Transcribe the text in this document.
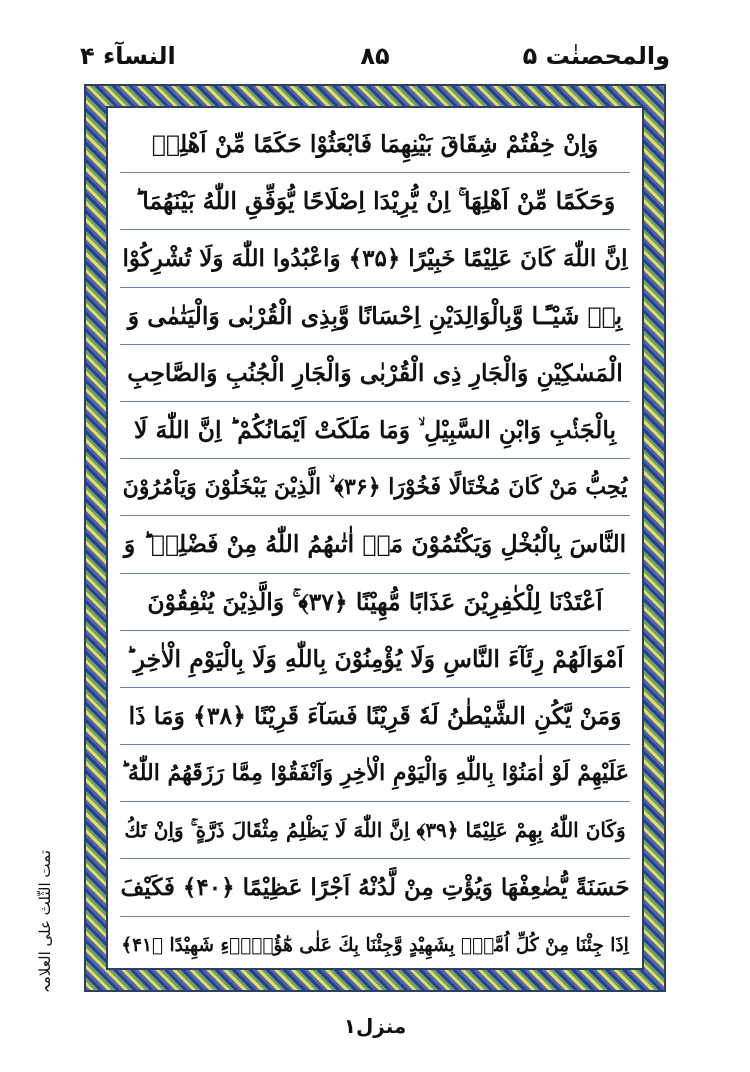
والمحصنٰت ۵
۸۵
النسآء ۴
وَاِنْ خِفْتُمْ شِقَاقَ بَيْنِهِمَا فَابْعَثُوْا حَكَمًا مِّنْ اَهْلِهٖ
وَحَكَمًا مِّنْ اَهْلِهَا ۚ اِنْ يُّرِيْدَا اِصْلَاحًا يُّوَفِّقِ اللّٰهُ بَيْنَهُمَا ؕ
اِنَّ اللّٰهَ كَانَ عَلِيْمًا خَبِيْرًا ﴿۳۵﴾ وَاعْبُدُوا اللّٰهَ وَلَا تُشْرِكُوْا
بِهٖ شَيْـًٔـا وَّبِالْوَالِدَيْنِ اِحْسَانًا وَّبِذِى الْقُرْبٰى وَالْيَتٰمٰى وَ
الْمَسٰكِيْنِ وَالْجَارِ ذِى الْقُرْبٰى وَالْجَارِ الْجُنُبِ وَالصَّاحِبِ
بِالْجَنْۢبِ وَابْنِ السَّبِيْلِ ۙ وَمَا مَلَكَتْ اَيْمَانُكُمْ ؕ اِنَّ اللّٰهَ لَا
يُحِبُّ مَنْ كَانَ مُخْتَالًا فَخُوْرَا ﴿۳۶﴾ ۙ الَّذِيْنَ يَبْخَلُوْنَ وَيَاْمُرُوْنَ
النَّاسَ بِالْبُخْلِ وَيَكْتُمُوْنَ مَاۤ اٰتٰىهُمُ اللّٰهُ مِنْ فَضْلِهٖ ؕ وَ
اَعْتَدْنَا لِلْكٰفِرِيْنَ عَذَابًا مُّهِيْنًا ﴿۳۷﴾ ۚ وَالَّذِيْنَ يُنْفِقُوْنَ
اَمْوَالَهُمْ رِئَآءَ النَّاسِ وَلَا يُؤْمِنُوْنَ بِاللّٰهِ وَلَا بِالْيَوْمِ الْاٰخِرِ ؕ
وَمَنْ يَّكُنِ الشَّيْطٰنُ لَهٗ قَرِيْنًا فَسَآءَ قَرِيْنًا ﴿۳۸﴾ وَمَا ذَا
عَلَيْهِمْ لَوْ اٰمَنُوْا بِاللّٰهِ وَالْيَوْمِ الْاٰخِرِ وَاَنْفَقُوْا مِمَّا رَزَقَهُمُ اللّٰهُ ؕ
وَكَانَ اللّٰهُ بِهِمْ عَلِيْمًا ﴿۳۹﴾ اِنَّ اللّٰهَ لَا يَظْلِمُ مِثْقَالَ ذَرَّةٍ ۚ وَاِنْ تَكُ
حَسَنَةً يُّضٰعِفْهَا وَيُؤْتِ مِنْ لَّدُنْهُ اَجْرًا عَظِيْمًا ﴿۴۰﴾ فَكَيْفَ
اِذَا جِئْنَا مِنْ كُلِّ اُمَّةٍۢ بِشَهِيْدٍ وَّجِئْنَا بِكَ عَلٰى هٰٓؤُلَاۤءِ شَهِيْدًا ﴿۴۱﴾
تمت الثّلث علی العلامہ
منزل۱
